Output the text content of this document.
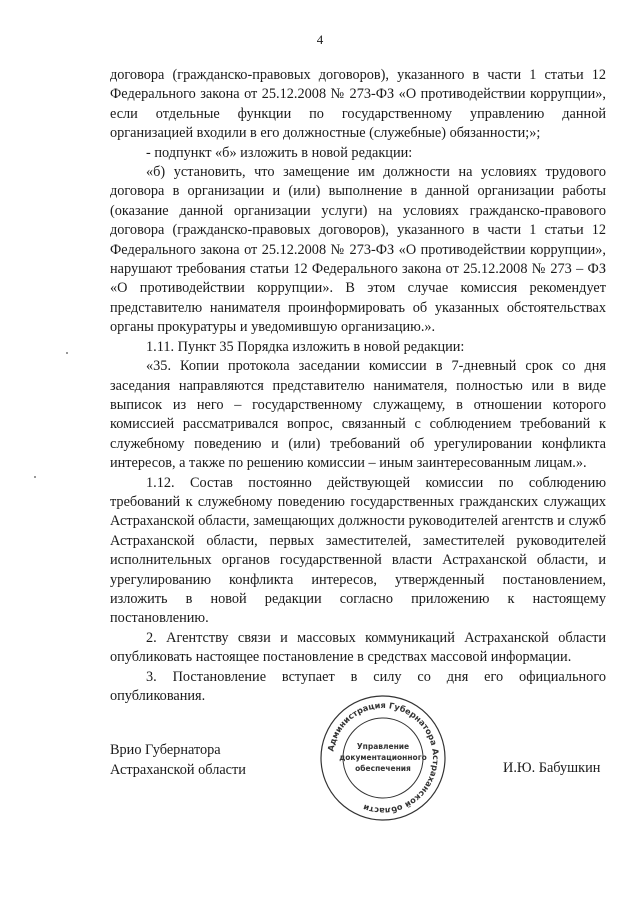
4

договора (гражданско-правовых договоров), указанного в части 1 статьи 12 Федерального закона от 25.12.2008 № 273-ФЗ «О противодействии коррупции», если отдельные функции по государственному управлению данной организацией входили в его должностные (служебные) обязанности;»;

- подпункт «б» изложить в новой редакции:

«б) установить, что замещение им должности на условиях трудового договора в организации и (или) выполнение в данной организации работы (оказание данной организации услуги) на условиях гражданско-правового договора (гражданско-правовых договоров), указанного в части 1 статьи 12 Федерального закона от 25.12.2008 № 273-ФЗ «О противодействии коррупции», нарушают требования статьи 12 Федерального закона от 25.12.2008 № 273 – ФЗ «О противодействии коррупции». В этом случае комиссия рекомендует представителю нанимателя проинформировать об указанных обстоятельствах органы прокуратуры и уведомившую организацию.».

1.11. Пункт 35 Порядка изложить в новой редакции:

«35. Копии протокола заседании комиссии в 7-дневный срок со дня заседания направляются представителю нанимателя, полностью или в виде выписок из него – государственному служащему, в отношении которого комиссией рассматривался вопрос, связанный с соблюдением требований к служебному поведению и (или) требований об урегулировании конфликта интересов, а также по решению комиссии – иным заинтересованным лицам.».

1.12. Состав постоянно действующей комиссии по соблюдению требований к служебному поведению государственных гражданских служащих Астраханской области, замещающих должности руководителей агентств и служб Астраханской области, первых заместителей, заместителей руководителей исполнительных органов государственной власти Астраханской области, и урегулированию конфликта интересов, утвержденный постановлением, изложить в новой редакции согласно приложению к настоящему постановлению.

2. Агентству связи и массовых коммуникаций Астраханской области опубликовать настоящее постановление в средствах массовой информации.

3. Постановление вступает в силу со дня его официального опубликования.

Врио Губернатора
Астраханской области	И.Ю. Бабушкин
Администрация Губернатора Астраханской области
Управление
документационного
обеспечения
